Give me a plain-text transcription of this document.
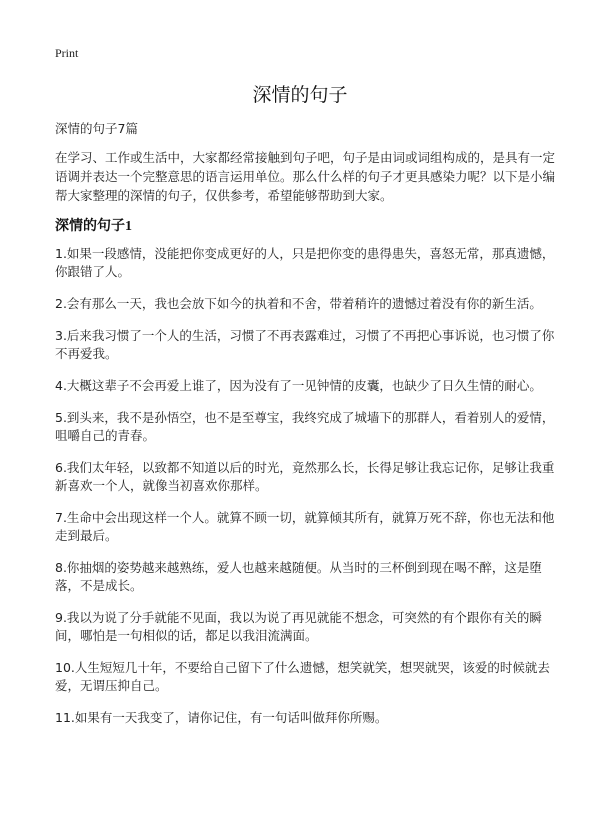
Print
深情的句子

深情的句子7篇

在学习、工作或生活中，大家都经常接触到句子吧，句子是由词或词组构成的，是具有一定语调并表达一个完整意思的语言运用单位。那么什么样的句子才更具感染力呢？以下是小编帮大家整理的深情的句子，仅供参考，希望能够帮助到大家。

深情的句子1

1.如果一段感情，没能把你变成更好的人，只是把你变的患得患失，喜怒无常，那真遗憾，你跟错了人。

2.会有那么一天，我也会放下如今的执着和不舍，带着稍许的遗憾过着没有你的新生活。

3.后来我习惯了一个人的生活，习惯了不再表露难过，习惯了不再把心事诉说，也习惯了你不再爱我。

4.大概这辈子不会再爱上谁了，因为没有了一见钟情的皮囊，也缺少了日久生情的耐心。

5.到头来，我不是孙悟空，也不是至尊宝，我终究成了城墙下的那群人，看着别人的爱情，咀嚼自己的青春。

6.我们太年轻，以致都不知道以后的时光，竟然那么长，长得足够让我忘记你，足够让我重新喜欢一个人，就像当初喜欢你那样。

7.生命中会出现这样一个人。就算不顾一切，就算倾其所有，就算万死不辞，你也无法和他走到最后。

8.你抽烟的姿势越来越熟练，爱人也越来越随便。从当时的三杯倒到现在喝不醉，这是堕落，不是成长。

9.我以为说了分手就能不见面，我以为说了再见就能不想念，可突然的有个跟你有关的瞬间，哪怕是一句相似的话，都足以我泪流满面。

10.人生短短几十年，不要给自己留下了什么遗憾，想笑就笑，想哭就哭，该爱的时候就去爱，无谓压抑自己。

11.如果有一天我变了，请你记住，有一句话叫做拜你所赐。
